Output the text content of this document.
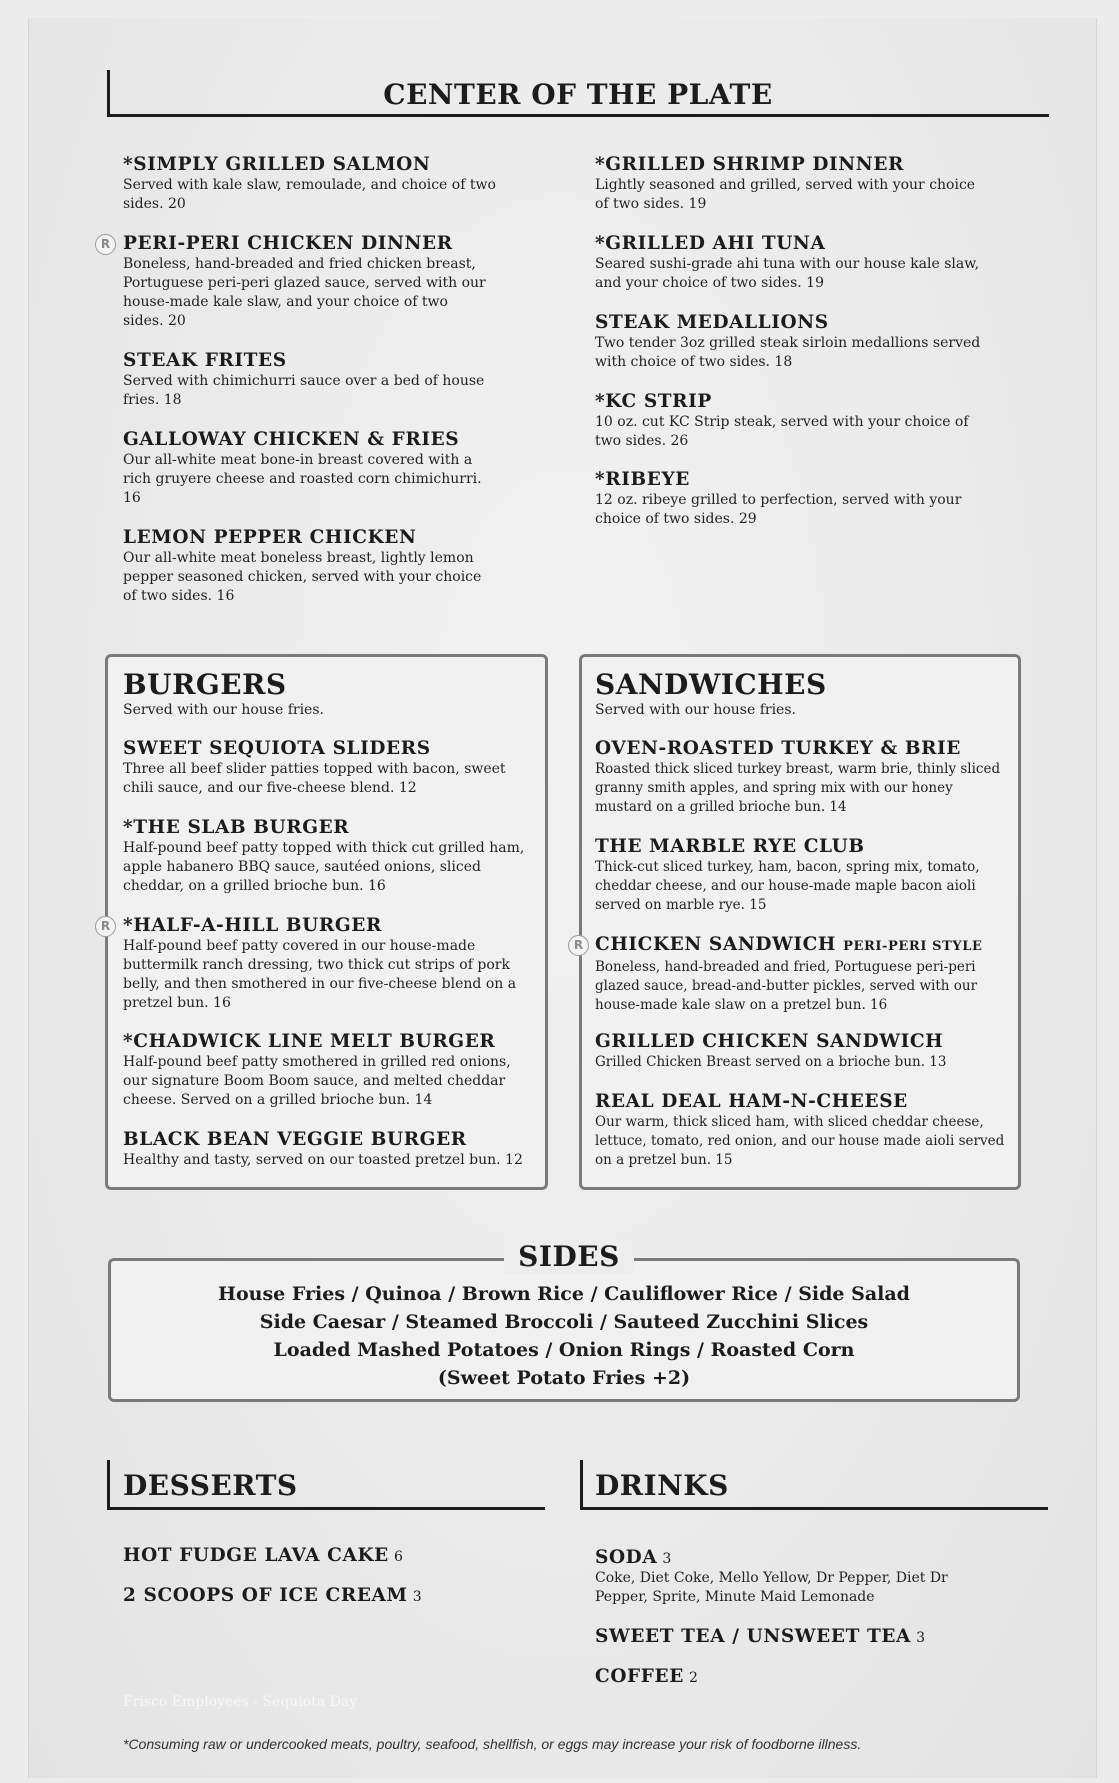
CENTER OF THE PLATE
*SIMPLY GRILLED SALMON
Served with kale slaw, remoulade, and choice of two sides. 20
R PERI-PERI CHICKEN DINNER
Boneless, hand-breaded and fried chicken breast, Portuguese peri-peri glazed sauce, served with our house-made kale slaw, and your choice of two sides. 20
STEAK FRITES
Served with chimichurri sauce over a bed of house fries. 18
GALLOWAY CHICKEN & FRIES
Our all-white meat bone-in breast covered with a rich gruyere cheese and roasted corn chimichurri. 16
LEMON PEPPER CHICKEN
Our all-white meat boneless breast, lightly lemon pepper seasoned chicken, served with your choice of two sides. 16
*GRILLED SHRIMP DINNER
Lightly seasoned and grilled, served with your choice of two sides. 19
*GRILLED AHI TUNA
Seared sushi-grade ahi tuna with our house kale slaw, and your choice of two sides. 19
STEAK MEDALLIONS
Two tender 3oz grilled steak sirloin medallions served with choice of two sides. 18
*KC STRIP
10 oz. cut KC Strip steak, served with your choice of two sides. 26
*RIBEYE
12 oz. ribeye grilled to perfection, served with your choice of two sides. 29
BURGERS
Served with our house fries.
SWEET SEQUIOTA SLIDERS
Three all beef slider patties topped with bacon, sweet chili sauce, and our five-cheese blend. 12
*THE SLAB BURGER
Half-pound beef patty topped with thick cut grilled ham, apple habanero BBQ sauce, sautéed onions, sliced cheddar, on a grilled brioche bun. 16
R *HALF-A-HILL BURGER
Half-pound beef patty covered in our house-made buttermilk ranch dressing, two thick cut strips of pork belly, and then smothered in our five-cheese blend on a pretzel bun. 16
*CHADWICK LINE MELT BURGER
Half-pound beef patty smothered in grilled red onions, our signature Boom Boom sauce, and melted cheddar cheese. Served on a grilled brioche bun. 14
BLACK BEAN VEGGIE BURGER
Healthy and tasty, served on our toasted pretzel bun. 12
SANDWICHES
Served with our house fries.
OVEN-ROASTED TURKEY & BRIE
Roasted thick sliced turkey breast, warm brie, thinly sliced granny smith apples, and spring mix with our honey mustard on a grilled brioche bun. 14
THE MARBLE RYE CLUB
Thick-cut sliced turkey, ham, bacon, spring mix, tomato, cheddar cheese, and our house-made maple bacon aioli served on marble rye. 15
R CHICKEN SANDWICH PERI-PERI STYLE
Boneless, hand-breaded and fried, Portuguese peri-peri glazed sauce, bread-and-butter pickles, served with our house-made kale slaw on a pretzel bun. 16
GRILLED CHICKEN SANDWICH
Grilled Chicken Breast served on a brioche bun. 13
REAL DEAL HAM-N-CHEESE
Our warm, thick sliced ham, with sliced cheddar cheese, lettuce, tomato, red onion, and our house made aioli served on a pretzel bun. 15
SIDES
House Fries / Quinoa / Brown Rice / Cauliflower Rice / Side Salad
Side Caesar / Steamed Broccoli / Sauteed Zucchini Slices
Loaded Mashed Potatoes / Onion Rings / Roasted Corn
(Sweet Potato Fries +2)
DESSERTS
HOT FUDGE LAVA CAKE 6
2 SCOOPS OF ICE CREAM 3
DRINKS
SODA 3
Coke, Diet Coke, Mello Yellow, Dr Pepper, Diet Dr Pepper, Sprite, Minute Maid Lemonade
SWEET TEA / UNSWEET TEA 3
COFFEE 2
Frisco Employees - Sequiota Day
*Consuming raw or undercooked meats, poultry, seafood, shellfish, or eggs may increase your risk of foodborne illness.
